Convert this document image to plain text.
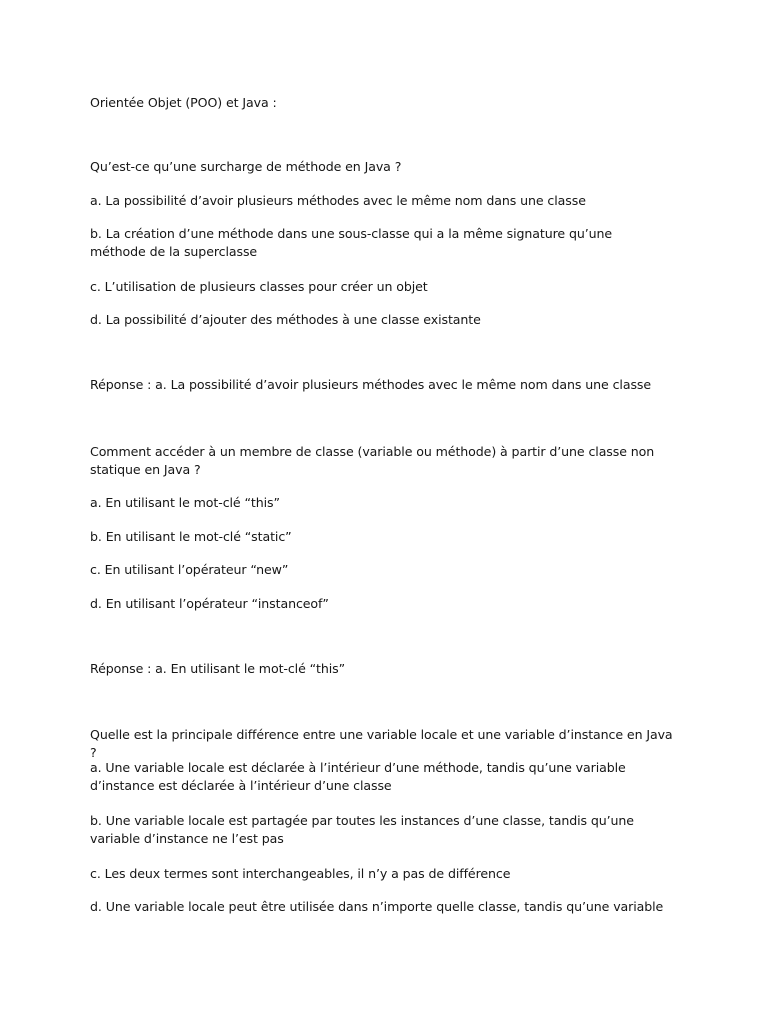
Orientée Objet (POO) et Java :
Qu’est-ce qu’une surcharge de méthode en Java ?
a. La possibilité d’avoir plusieurs méthodes avec le même nom dans une classe
b. La création d’une méthode dans une sous-classe qui a la même signature qu’une méthode de la superclasse
c. L’utilisation de plusieurs classes pour créer un objet
d. La possibilité d’ajouter des méthodes à une classe existante
Réponse : a. La possibilité d’avoir plusieurs méthodes avec le même nom dans une classe
Comment accéder à un membre de classe (variable ou méthode) à partir d’une classe non statique en Java ?
a. En utilisant le mot-clé “this”
b. En utilisant le mot-clé “static”
c. En utilisant l’opérateur “new”
d. En utilisant l’opérateur “instanceof”
Réponse : a. En utilisant le mot-clé “this”
Quelle est la principale différence entre une variable locale et une variable d’instance en Java ?
a. Une variable locale est déclarée à l’intérieur d’une méthode, tandis qu’une variable d’instance est déclarée à l’intérieur d’une classe
b. Une variable locale est partagée par toutes les instances d’une classe, tandis qu’une variable d’instance ne l’est pas
c. Les deux termes sont interchangeables, il n’y a pas de différence
d. Une variable locale peut être utilisée dans n’importe quelle classe, tandis qu’une variable
